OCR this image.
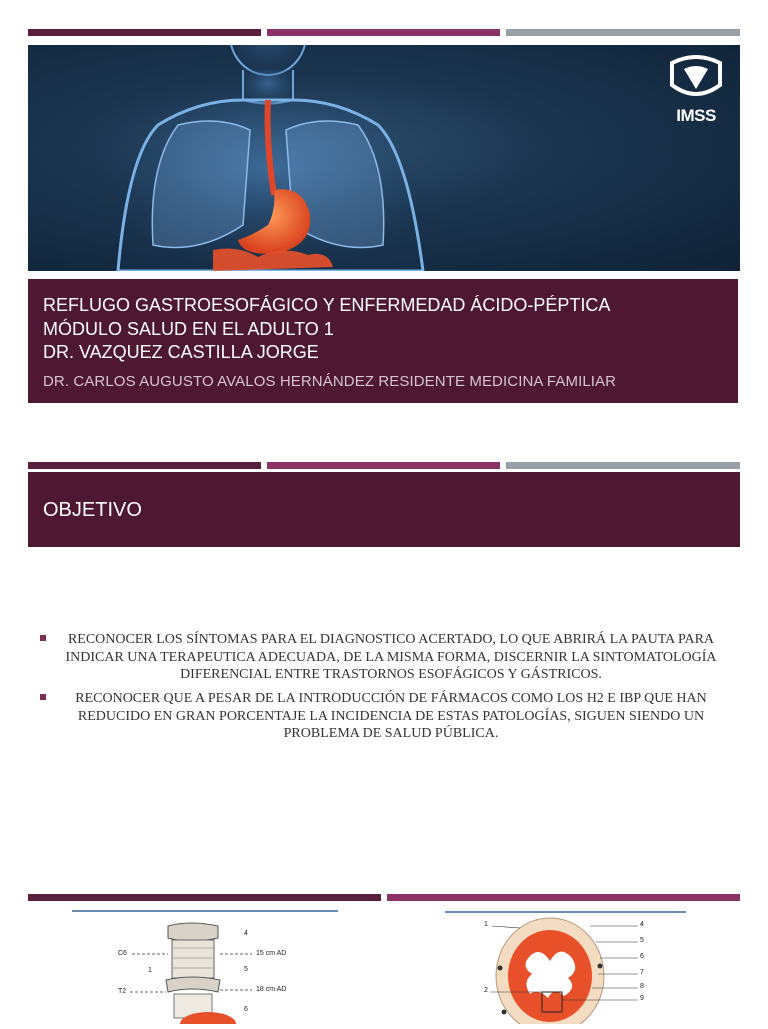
IMSS
REFLUGO GASTROESOFÁGICO Y ENFERMEDAD ÁCIDO-PÉPTICA
MÓDULO SALUD EN EL ADULTO 1
DR. VAZQUEZ CASTILLA JORGE
DR. CARLOS AUGUSTO AVALOS HERNÁNDEZ RESIDENTE MEDICINA FAMILIAR
OBJETIVO
RECONOCER LOS SÍNTOMAS PARA EL DIAGNOSTICO ACERTADO, LO QUE ABRIRÁ LA PAUTA PARA INDICAR UNA TERAPEUTICA ADECUADA, DE LA MISMA FORMA, DISCERNIR LA SINTOMATOLOGÍA DIFERENCIAL ENTRE TRASTORNOS ESOFÁGICOS Y GÁSTRICOS.
RECONOCER QUE A PESAR DE LA INTRODUCCIÓN DE FÁRMACOS COMO LOS H2 E IBP QUE HAN REDUCIDO EN GRAN PORCENTAJE LA INCIDENCIA DE ESTAS PATOLOGÍAS, SIGUEN SIENDO UN PROBLEMA DE SALUD PÚBLICA.
C6
1
T2
4
5
6
15 cm AD
18 cm AD
1
2
4
5
6
7
8
9
